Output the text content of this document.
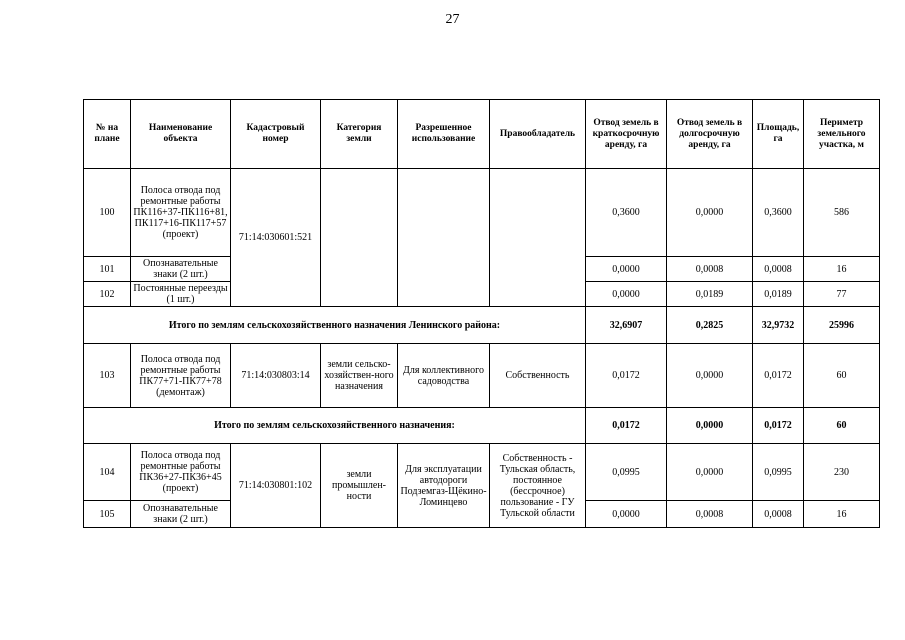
27
№ на плане	Наименование объекта	Кадастровый номер	Категория земли	Разрешенное использование	Правообладатель	Отвод земель в краткосрочную аренду, га	Отвод земель в долгосрочную аренду, га	Площадь, га	Периметр земельного участка, м
100	Полоса отвода под ремонтные работы ПК116+37-ПК116+81, ПК117+16-ПК117+57 (проект)	71:14:030601:521				0,3600	0,0000	0,3600	586
101	Опознавательные знаки (2 шт.)					0,0000	0,0008	0,0008	16
102	Постоянные переезды (1 шт.)					0,0000	0,0189	0,0189	77
Итого по землям сельскохозяйственного назначения Ленинского района:						32,6907	0,2825	32,9732	25996
103	Полоса отвода под ремонтные работы ПК77+71-ПК77+78 (демонтаж)	71:14:030803:14	земли сельско-хозяйствен-ного назначения	Для коллективного садоводства	Собственность	0,0172	0,0000	0,0172	60
Итого по землям сельскохозяйственного назначения:						0,0172	0,0000	0,0172	60
104	Полоса отвода под ремонтные работы ПК36+27-ПК36+45 (проект)	71:14:030801:102	земли промышлен-ности	Для эксплуатации автодороги Подземгаз-Щёкино-Ломинцево	Собственность - Тульская область, постоянное (бессрочное) пользование - ГУ Тульской области	0,0995	0,0000	0,0995	230
105	Опознавательные знаки (2 шт.)					0,0000	0,0008	0,0008	16
